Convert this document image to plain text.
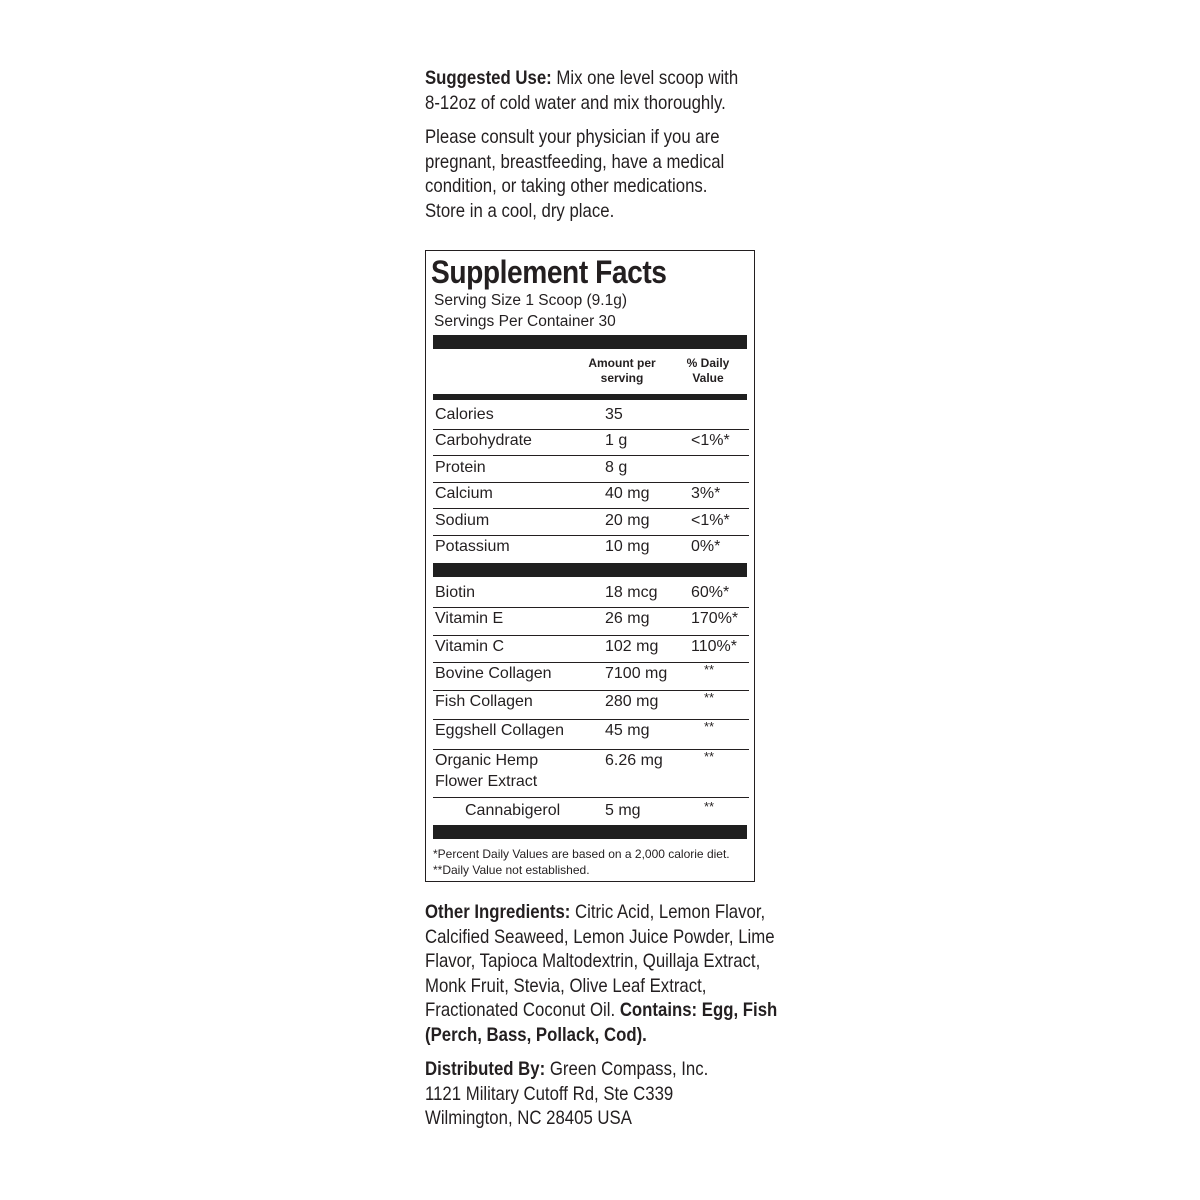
Suggested Use: Mix one level scoop with 8-12oz of cold water and mix thoroughly.

Please consult your physician if you are pregnant, breastfeeding, have a medical condition, or taking other medications. Store in a cool, dry place.

Supplement Facts
Serving Size 1 Scoop (9.1g)
Servings Per Container 30
Amount per serving
% Daily Value
Calories	35
Carbohydrate	1 g	<1%*
Protein	8 g
Calcium	40 mg	3%*
Sodium	20 mg	<1%*
Potassium	10 mg	0%*
Biotin	18 mcg 60%*
Vitamin E	26 mg	170%*
Vitamin C	102 mg 110%*
Bovine Collagen	7100 mg	**
Fish Collagen	280 mg	**
Eggshell Collagen	45 mg	**
Organic Hemp
Flower Extract
6.26 mg	**
Cannabigerol	5 mg	**
*Percent Daily Values are based on a 2,000 calorie diet. **Daily Value not established.

Other Ingredients: Citric Acid, Lemon Flavor, Calcified Seaweed, Lemon Juice Powder, Lime Flavor, Tapioca Maltodextrin, Quillaja Extract, Monk Fruit, Stevia, Olive Leaf Extract, Fractionated Coconut Oil. Contains: Egg, Fish (Perch, Bass, Pollack, Cod).

Distributed By: Green Compass, Inc.

1121 Military Cutoff Rd, Ste C339

Wilmington, NC 28405 USA
